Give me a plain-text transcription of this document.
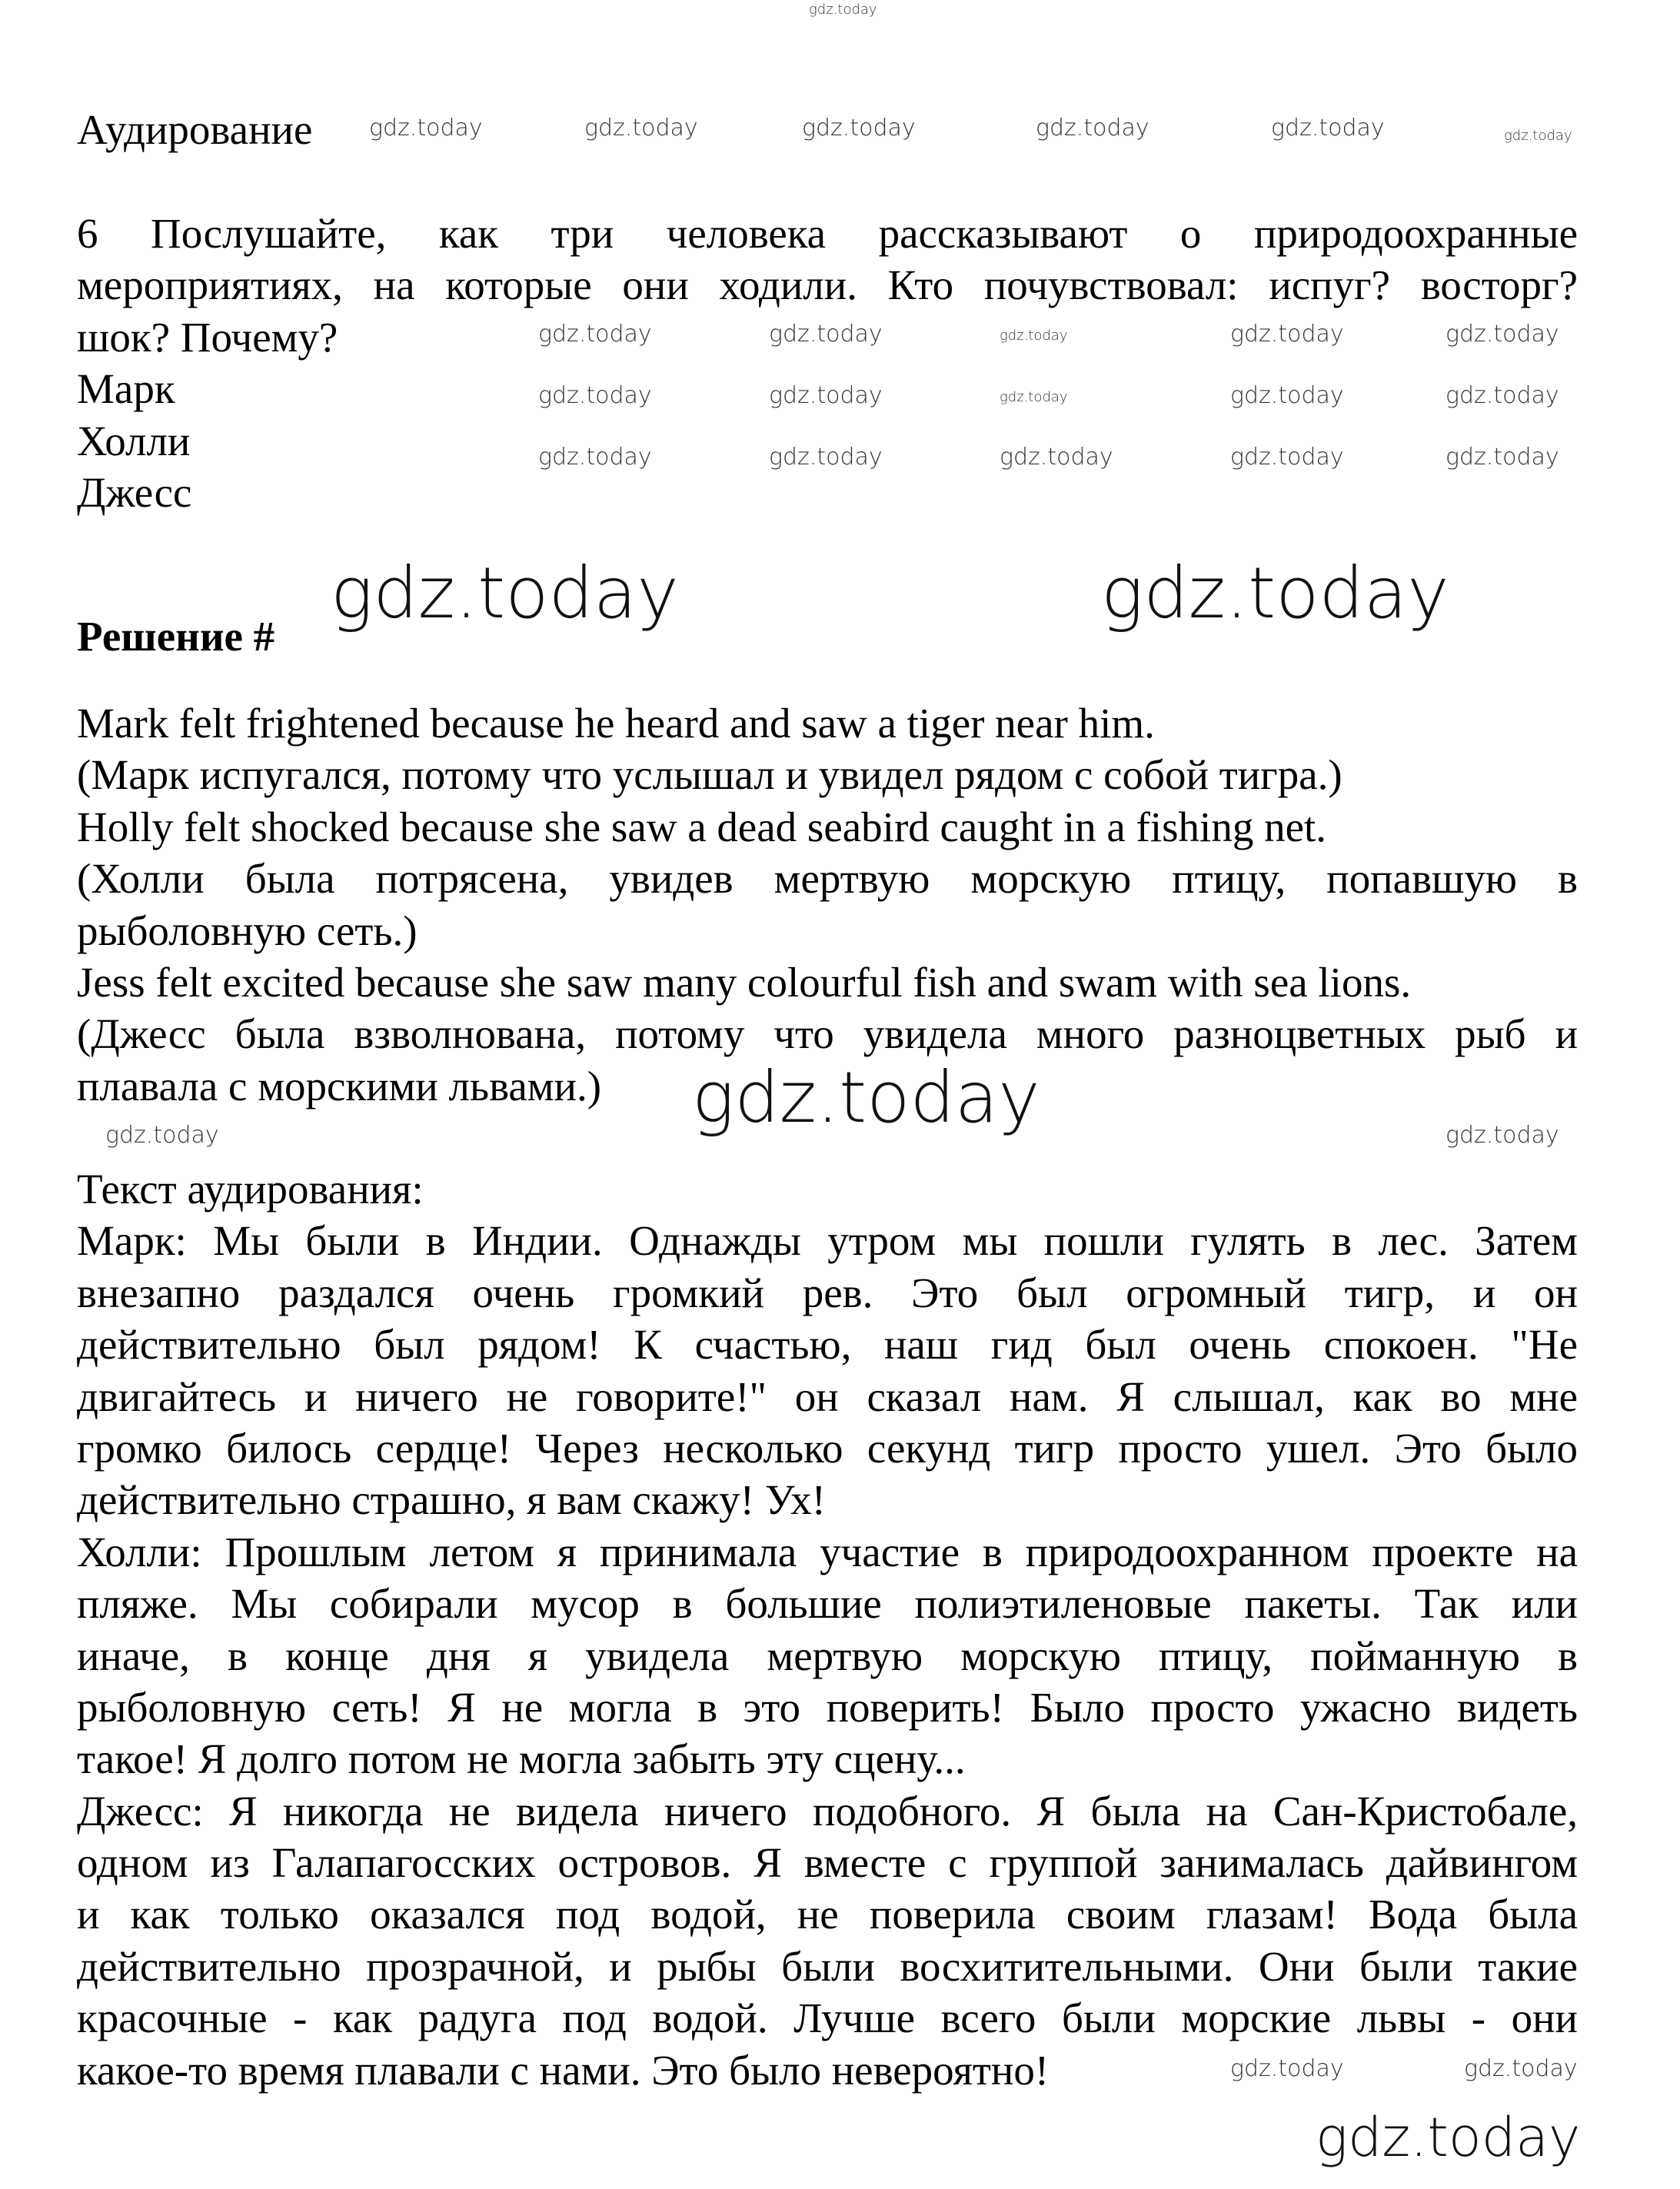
Аудирование
6 Послушайте, как три человека рассказывают о природоохранные
мероприятиях, на которые они ходили. Кто почувствовал: испуг? восторг?
шок? Почему?
Марк
Холли
Джесс
Решение #
Mark felt frightened because he heard and saw a tiger near him.
(Марк испугался, потому что услышал и увидел рядом с собой тигра.)
Holly felt shocked because she saw a dead seabird caught in a fishing net.
(Холли была потрясена, увидев мертвую морскую птицу, попавшую в
рыболовную сеть.)
Jess felt excited because she saw many colourful fish and swam with sea lions.
(Джесс была взволнована, потому что увидела много разноцветных рыб и
плавала с морскими львами.)
Текст аудирования:
Марк: Мы были в Индии. Однажды утром мы пошли гулять в лес. Затем
внезапно раздался очень громкий рев. Это был огромный тигр, и он
действительно был рядом! К счастью, наш гид был очень спокоен. "Не
двигайтесь и ничего не говорите!" он сказал нам. Я слышал, как во мне
громко билось сердце! Через несколько секунд тигр просто ушел. Это было
действительно страшно, я вам скажу! Ух!
Холли: Прошлым летом я принимала участие в природоохранном проекте на
пляже. Мы собирали мусор в большие полиэтиленовые пакеты. Так или
иначе, в конце дня я увидела мертвую морскую птицу, пойманную в
рыболовную сеть! Я не могла в это поверить! Было просто ужасно видеть
такое! Я долго потом не могла забыть эту сцену...
Джесс: Я никогда не видела ничего подобного. Я была на Сан-Кристобале,
одном из Галапагосских островов. Я вместе с группой занималась дайвингом
и как только оказался под водой, не поверила своим глазам! Вода была
действительно прозрачной, и рыбы были восхитительными. Они были такие
красочные - как радуга под водой. Лучше всего были морские львы - они
какое-то время плавали с нами. Это было невероятно!
gdz.today
gdz.today	gdz.today	gdz.today	gdz.today	gdz.today	gdz.today
gdz.today	gdz.today	gdz.today	gdz.today	gdz.today
gdz.today	gdz.today	gdz.today	gdz.today	gdz.today
gdz.today	gdz.today	gdz.today	gdz.today	gdz.today
gdz.today	gdz.today
gdz.today	gdz.today
gdz.today
gdz.today	gdz.today
gdz.today
